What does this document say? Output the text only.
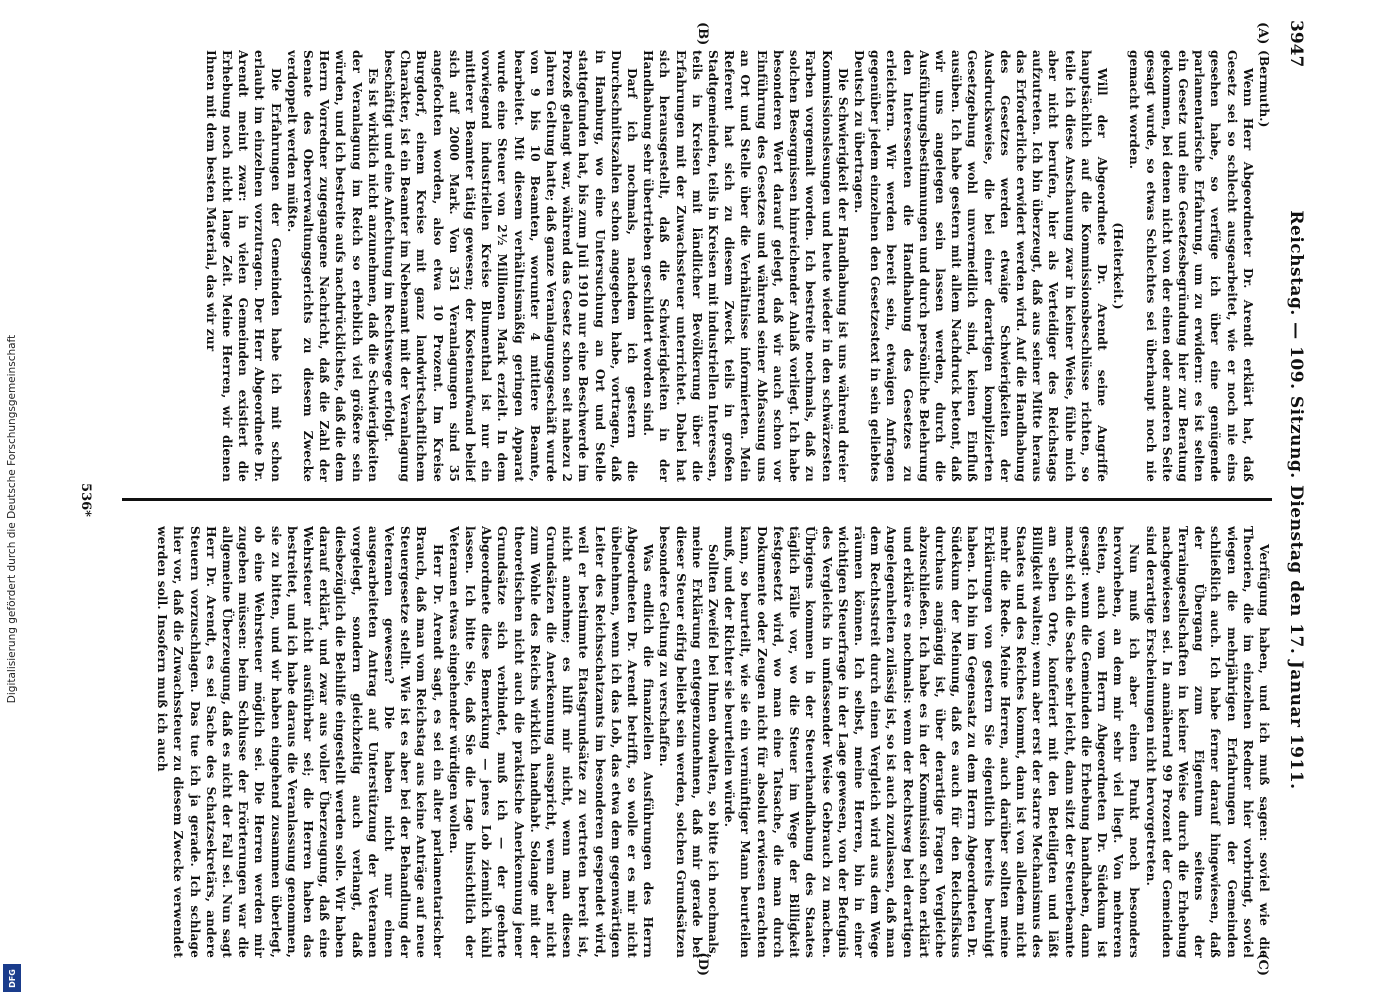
Digitalisierung gefördert durch die Deutsche Forschungsgemeinschaft
DFG
3947
Reichstag. — 109. Sitzung. Dienstag den 17. Januar 1911.
(A)
(B)
(C)
(D)

(Bermuth.)

Wenn Herr Abgeordneter Dr. Arendt erklärt hat, daß Gesetz sei so schlecht ausgearbeitet, wie er noch nie eins gesehen habe, so verfüge ich über eine genügende parlamentarische Erfahrung, um zu erwidern: es ist selten ein Gesetz und eine Gesetzesbegründung hier zur Beratung gekommen, bei denen nicht von der einen oder anderen Seite gesagt wurde, so etwas Schlechtes sei überhaupt noch nie gemacht worden.

(Heiterkeit.)

Will der Abgeordnete Dr. Arendt seine Angriffe hauptsächlich auf die Kommissionsbeschlüsse richten, so teile ich diese Anschauung zwar in keiner Weise, fühle mich aber nicht berufen, hier als Verteidiger des Reichstags aufzutreten. Ich bin überzeugt, daß aus seiner Mitte heraus das Erforderliche erwidert werden wird. Auf die Handhabung des Gesetzes werden etwaige Schwierigkeiten der Ausdrucksweise, die bei einer derartigen komplizierten Gesetzgebung wohl unvermeidlich sind, keinen Einfluß ausüben. Ich habe gestern mit allem Nachdruck betont, daß wir uns angelegen sein lassen werden, durch die Ausführungsbestimmungen und durch persönliche Belehrung den Interessenten die Handhabung des Gesetzes zu erleichtern. Wir werden bereit sein, etwaigen Anfragen gegenüber jedem einzelnen den Gesetzestext in sein geliebtes Deutsch zu übertragen.

Die Schwierigkeit der Handhabung ist uns während dreier Kommissionslesungen und heute wieder in den schwärzesten Farben vorgemalt worden. Ich bestreite nochmals, daß zu solchen Besorgnissen hinreichender Anlaß vorliegt. Ich habe besonderen Wert darauf gelegt, daß wir auch schon vor Einführung des Gesetzes und während seiner Abfassung uns an Ort und Stelle über die Verhältnisse informierten. Mein Referent hat sich zu diesem Zweck teils in großen Stadtgemeinden, teils in Kreisen mit industriellen Interessen, teils in Kreisen mit ländlicher Bevölkerung über die Erfahrungen mit der Zuwachssteuer unterrichtet. Dabei hat sich herausgestellt, daß die Schwierigkeiten in der Handhabung sehr übertrieben geschildert worden sind.

Darf ich nochmals, nachdem ich gestern die Durchschnittszahlen schon angegeben habe, vortragen, daß in Hamburg, wo eine Untersuchung an Ort und Stelle stattgefunden hat, bis zum Juli 1910 nur eine Beschwerde im Prozeß gelangt war, während das Gesetz schon seit nahezu 2 Jahren Geltung hatte; daß ganze Veranlagungsgeschäft wurde von 9 bis 10 Beamten, worunter 4 mittlere Beamte, bearbeitet. Mit diesem verhältnismäßig geringen Apparat wurde eine Steuer von 2½ Millionen Mark erzielt. In dem vorwiegend industriellen Kreise Blumenthal ist nur ein mittlerer Beamter tätig gewesen; der Kostenaufwand belief sich auf 2000 Mark. Von 351 Veranlagungen sind 35 angefochten worden, also etwa 10 Prozent. Im Kreise Burgdorf, einem Kreise mit ganz landwirtschaftlichem Charakter, ist ein Beamter im Nebenamt mit der Veranlagung beschäftigt und eine Anfechtung im Rechtswege erfolgt.

Es ist wirklich nicht anzunehmen, daß die Schwierigkeiten der Veranlagung im Reich so erheblich viel größere sein würden, und ich bestreite aufs nachdrücklichste, daß die dem Herrn Vorredner zugegangene Nachricht, daß die Zahl der Senate des Oberverwaltungsgerichts zu diesem Zwecke verdoppelt werden müßte.

Die Erfahrungen der Gemeinden habe ich mit schon erlaubt im einzelnen vorzutragen. Der Herr Abgeordnete Dr. Arendt meint zwar: in vielen Gemeinden existiert die Erhebung noch nicht lange Zeit. Meine Herren, wir dienen Ihnen mit dem besten Material, das wir zur

Verfügung haben, und ich muß sagen: soviel wie die Theorien, die im einzelnen Redner hier vorbringt, soviel wiegen die mehrjährigen Erfahrungen der Gemeinden schließlich auch. Ich habe ferner darauf hingewiesen, daß der Übergang zum Eigentum seitens der Terraingesellschaften in keiner Weise durch die Erhebung nachgewiesen sei. In annähernd 99 Prozent der Gemeinden sind derartige Erscheinungen nicht hervorgetreten.

Nun muß ich aber einen Punkt noch besonders hervorheben, an dem mir sehr viel liegt. Von mehreren Seiten, auch vom Herrn Abgeordneten Dr. Südekum ist gesagt: wenn die Gemeinden die Erhebung handhaben, dann macht sich die Sache sehr leicht, dann sitzt der Steuerbeamte am selben Orte, konferiert mit den Beteiligten und läßt Billigkeit walten; wenn aber erst der starre Mechanismus des Staates und des Reiches kommt, dann ist von alledem nicht mehr die Rede. Meine Herren, auch darüber sollten meine Erklärungen von gestern Sie eigentlich bereits beruhigt haben. Ich bin im Gegensatz zu dem Herrn Abgeordneten Dr. Südekum der Meinung, daß es auch für den Reichsfiskus durchaus angängig ist, über derartige Fragen Vergleiche abzuschließen. Ich habe es in der Kommission schon erklärt und erkläre es nochmals: wenn der Rechtsweg bei derartigen Angelegenheiten zulässig ist, so ist auch zuzulassen, daß man dem Rechtsstreit durch einen Vergleich wird aus dem Wege räumen können. Ich selbst, meine Herren, bin in einer wichtigen Steuerfrage in der Lage gewesen, von der Befugnis des Vergleichs in umfassender Weise Gebrauch zu machen. Übrigens kommen in der Steuerhandhabung des Staates täglich Fälle vor, wo die Steuer im Wege der Billigkeit festgesetzt wird, wo man eine Tatsache, die man durch Dokumente oder Zeugen nicht für absolut erwiesen erachten kann, so beurteilt, wie sie ein vernünftiger Mann beurteilen muß, und der Richter sie beurteilen würde.

Sollten Zweifel bei Ihnen obwalten, so bitte ich nochmals, meine Erklärung entgegenzunehmen, daß mir gerade bei dieser Steuer eifrig beliebt sein werden, solchen Grundsätzen besondere Geltung zu verschaffen.

Was endlich die finanziellen Ausführungen des Herrn Abgeordneten Dr. Arendt betrifft, so wolle er es mir nicht übelnehmen, wenn ich das Lob, das etwa dem gegenwärtigen Leiter des Reichsschatzamts im besonderen gespendet wird, weil er bestimmte Etatsgrundsätze zu vertreten bereit ist, nicht annehme; es hilft mir nicht, wenn man diesen Grundsätzen die Anerkennung ausspricht, wenn aber nicht zum Wohle des Reichs wirklich handhabt. Solange mit der theoretischen nicht auch die praktische Anerkennung jener Grundsätze sich verbindet, muß ich — der geehrte Abgeordnete diese Bemerkung — jenes Lob ziemlich kühl lassen. Ich bitte Sie, daß Sie die Lage hinsichtlich der Veteranen etwas eingehender würdigen wollen.

Herr Dr. Arendt sagt, es sei ein alter parlamentarischer Brauch, daß man vom Reichstag aus keine Anträge auf neue Steuergesetze stellt. Wie ist es aber bei der Behandlung der Veteranen gewesen? Die haben nicht nur einen ausgearbeiteten Antrag auf Unterstützung der Veteranen vorgelegt, sondern gleichzeitig auch verlangt, daß diesbezüglich die Beihilfe eingestellt werden solle. Wir haben darauf erklärt, und zwar aus voller Überzeugung, daß eine Wehrsteuer nicht ausführbar sei; die Herren haben das bestreitet, und ich habe daraus die Veranlassung genommen, sie zu bitten, und wir haben eingehend zusammen überlegt, ob eine Wehrsteuer möglich sei. Die Herren werden mir zugeben müssen: beim Schlusse der Erörterungen war die allgemeine Überzeugung, daß es nicht der Fall sei. Nun sagt Herr Dr. Arendt, es sei Sache des Schatzsekretärs, andere Steuern vorzuschlagen. Das tue ich ja gerade. Ich schlage hier vor, daß die Zuwachssteuer zu diesem Zwecke verwendet werden soll. Insofern muß ich auch

536*
